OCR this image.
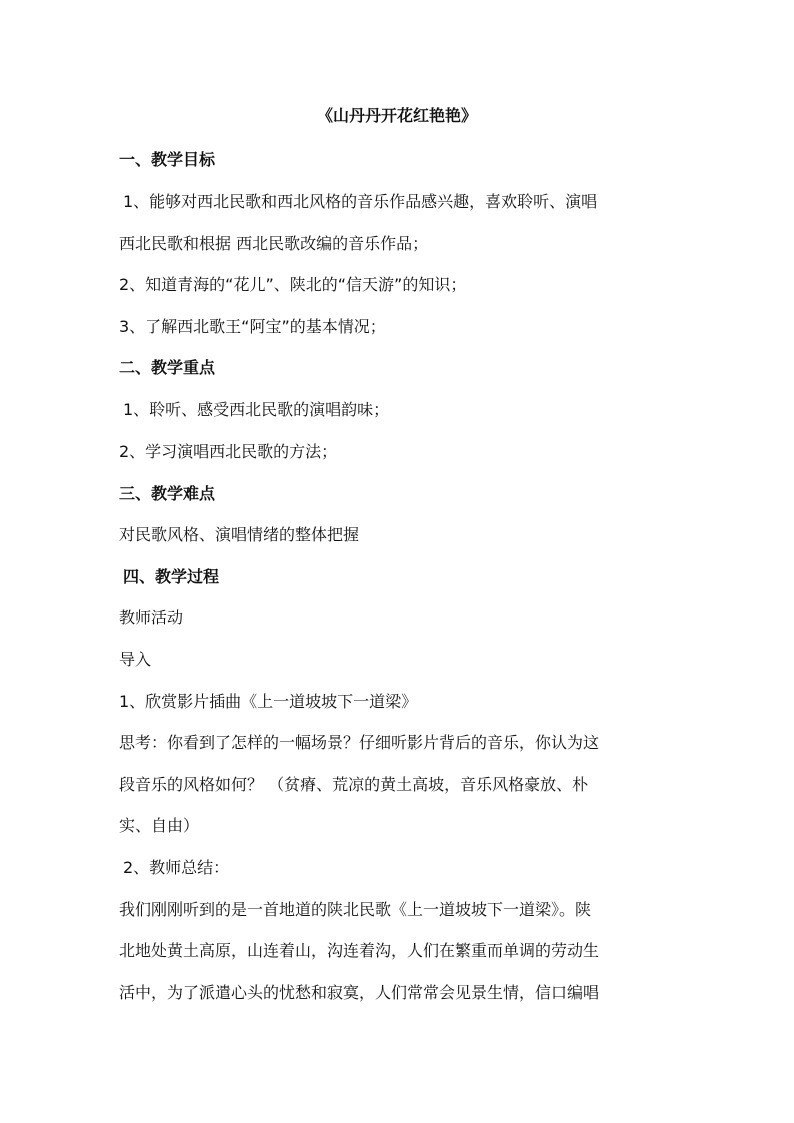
《山丹丹开花红艳艳》
一、教学目标
1、能够对西北民歌和西北风格的音乐作品感兴趣，喜欢聆听、演唱
西北民歌和根据 西北民歌改编的音乐作品；
2、知道青海的“花儿”、陕北的“信天游”的知识；
3、了解西北歌王“阿宝”的基本情况；
二、教学重点
1、聆听、感受西北民歌的演唱韵味；
2、学习演唱西北民歌的方法；
三、教学难点
对民歌风格、演唱情绪的整体把握
四、教学过程
教师活动
导入
1、欣赏影片插曲《上一道坡坡下一道梁》
思考：你看到了怎样的一幅场景？仔细听影片背后的音乐，你认为这
段音乐的风格如何？ （贫瘠、荒凉的黄土高坡，音乐风格豪放、朴
实、自由）
2、教师总结：
我们刚刚听到的是一首地道的陕北民歌《上一道坡坡下一道梁》。陕
北地处黄土高原，山连着山，沟连着沟，人们在繁重而单调的劳动生
活中，为了派遣心头的忧愁和寂寞，人们常常会见景生情，信口编唱
